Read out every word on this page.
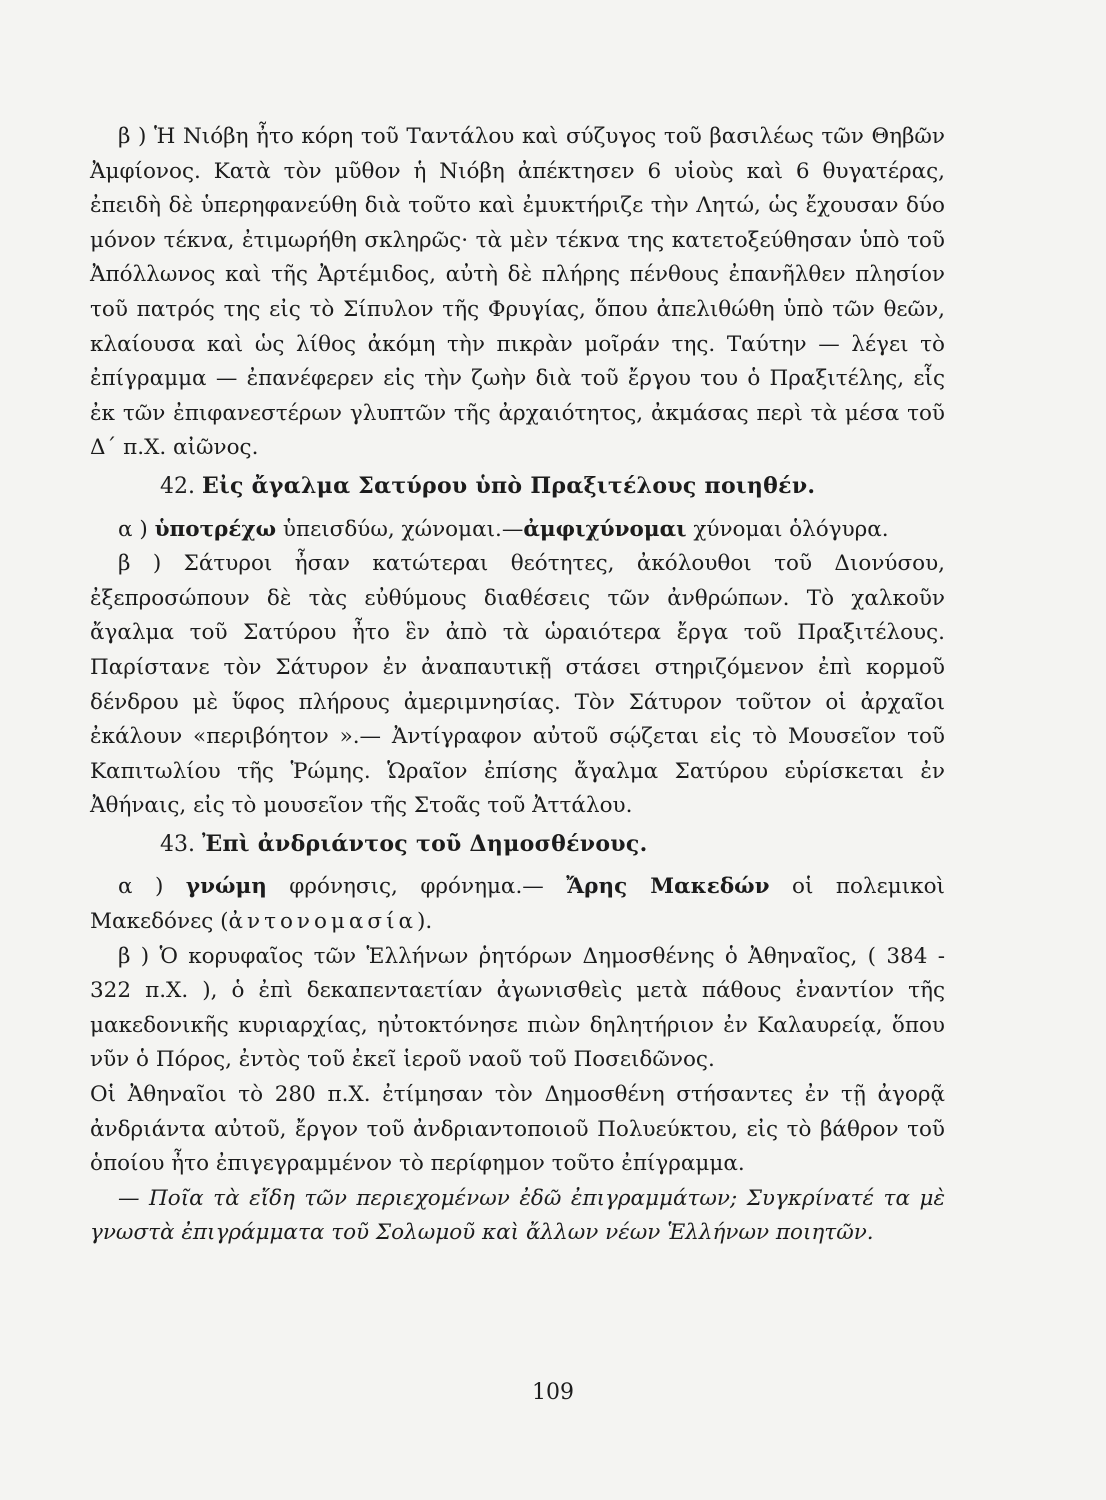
β ) Ἡ Νιόβη ἦτο κόρη τοῦ Ταντάλου καὶ σύζυγος τοῦ βασιλέως τῶν Θηβῶν Ἀμφίονος. Κατὰ τὸν μῦθον ἡ Νιόβη ἀπέκτησεν 6 υἱοὺς καὶ 6 θυγατέρας, ἐπειδὴ δὲ ὑπερηφανεύθη διὰ τοῦτο καὶ ἐμυκτήριζε τὴν Λητώ, ὡς ἔχουσαν δύο μόνον τέκνα, ἐτιμωρήθη σκληρῶς· τὰ μὲν τέκνα της κατετοξεύθησαν ὑπὸ τοῦ Ἀπόλλωνος καὶ τῆς Ἀρτέμιδος, αὐτὴ δὲ πλήρης πένθους ἐπανῆλθεν πλησίον τοῦ πατρός της εἰς τὸ Σίπυλον τῆς Φρυγίας, ὅπου ἀπελιθώθη ὑπὸ τῶν θεῶν, κλαίουσα καὶ ὡς λίθος ἀκόμη τὴν πικρὰν μοῖράν της. Ταύτην — λέγει τὸ ἐπίγραμμα — ἐπανέφερεν εἰς τὴν ζωὴν διὰ τοῦ ἔργου του ὁ Πραξιτέλης, εἷς ἐκ τῶν ἐπιφανεστέρων γλυπτῶν τῆς ἀρχαιότητος, ἀκμάσας περὶ τὰ μέσα τοῦ Δ΄ π.Χ. αἰῶνος.

42. Εἰς ἄγαλμα Σατύρου ὑπὸ Πραξιτέλους ποιηθέν.

α ) ὑποτρέχω ὑπεισδύω, χώνομαι.—ἀμφιχύνομαι χύνομαι ὁλόγυρα.

β ) Σάτυροι ἦσαν κατώτεραι θεότητες, ἀκόλουθοι τοῦ Διονύσου, ἐξεπροσώπουν δὲ τὰς εὐθύμους διαθέσεις τῶν ἀνθρώπων. Τὸ χαλκοῦν ἄγαλμα τοῦ Σατύρου ἦτο ἓν ἀπὸ τὰ ὡραιότερα ἔργα τοῦ Πραξιτέλους. Παρίστανε τὸν Σάτυρον ἐν ἀναπαυτικῇ στάσει στηριζόμενον ἐπὶ κορμοῦ δένδρου μὲ ὕφος πλήρους ἀμεριμνησίας. Τὸν Σάτυρον τοῦτον οἱ ἀρχαῖοι ἐκάλουν «περιβόητον ».— Ἀντίγραφον αὐτοῦ σῴζεται εἰς τὸ Μουσεῖον τοῦ Καπιτωλίου τῆς Ῥώμης. Ὡραῖον ἐπίσης ἄγαλμα Σατύρου εὑρίσκεται ἐν Ἀθήναις, εἰς τὸ μουσεῖον τῆς Στοᾶς τοῦ Ἀττάλου.

43. Ἐπὶ ἀνδριάντος τοῦ Δημοσθένους.

α ) γνώμη φρόνησις, φρόνημα.— Ἄρης Μακεδών οἱ πολεμικοὶ Μακεδόνες (ἀντονομασία).

β ) Ὁ κορυφαῖος τῶν Ἑλλήνων ῥητόρων Δημοσθένης ὁ Ἀθηναῖος, ( 384 - 322 π.Χ. ), ὁ ἐπὶ δεκαπενταετίαν ἀγωνισθεὶς μετὰ πάθους ἐναντίον τῆς μακεδονικῆς κυριαρχίας, ηὐτοκτόνησε πιὼν δηλητήριον ἐν Καλαυρείᾳ, ὅπου νῦν ὁ Πόρος, ἐντὸς τοῦ ἐκεῖ ἱεροῦ ναοῦ τοῦ Ποσειδῶνος.

Οἱ Ἀθηναῖοι τὸ 280 π.Χ. ἐτίμησαν τὸν Δημοσθένη στήσαντες ἐν τῇ ἀγορᾷ ἀνδριάντα αὐτοῦ, ἔργον τοῦ ἀνδριαντοποιοῦ Πολυεύκτου, εἰς τὸ βάθρον τοῦ ὁποίου ἦτο ἐπιγεγραμμένον τὸ περίφημον τοῦτο ἐπίγραμμα.

— Ποῖα τὰ εἴδη τῶν περιεχομένων ἐδῶ ἐπιγραμμάτων; Συγκρίνατέ τα μὲ γνωστὰ ἐπιγράμματα τοῦ Σολωμοῦ καὶ ἄλλων νέων Ἑλλήνων ποιητῶν.

109
